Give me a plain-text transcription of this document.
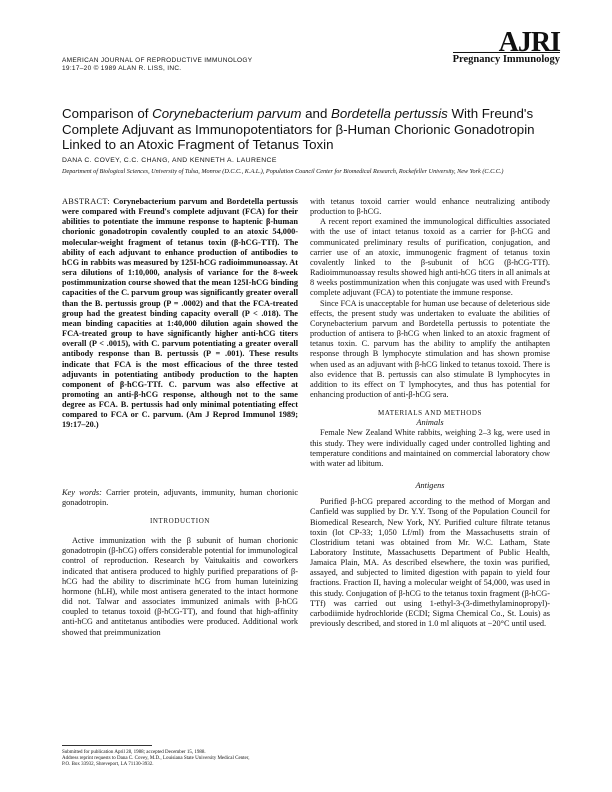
AMERICAN JOURNAL OF REPRODUCTIVE IMMUNOLOGY
19:17–20 © 1989 ALAN R. LISS, INC.
AJRI
Pregnancy Immunology
Comparison of Corynebacterium parvum and Bordetella pertussis With Freund's Complete Adjuvant as Immunopotentiators for β-Human Chorionic Gonadotropin Linked to an Atoxic Fragment of Tetanus Toxin
DANA C. COVEY, C.C. CHANG, AND KENNETH A. LAURENCE
Department of Biological Sciences, University of Tulsa, Monroe (D.C.C., K.A.L.), Population Council Center for Biomedical Research, Rockefeller University, New York (C.C.C.)
ABSTRACT: Corynebacterium parvum and Bordetella pertussis were compared with Freund's complete adjuvant (FCA) for their abilities to potentiate the immune response to haptenic β-human chorionic gonadotropin covalently coupled to an atoxic 54,000-molecular-weight fragment of tetanus toxin (β-hCG-TTf). The ability of each adjuvant to enhance production of antibodies to hCG in rabbits was measured by 125I-hCG radioimmunoassay. At sera dilutions of 1:10,000, analysis of variance for the 8-week postimmunization course showed that the mean 125I-hCG binding capacities of the C. parvum group was significantly greater overall than the B. pertussis group (P = .0002) and that the FCA-treated group had the greatest binding capacity overall (P < .018). The mean binding capacities at 1:40,000 dilution again showed the FCA-treated group to have significantly higher anti-hCG titers overall (P < .0015), with C. parvum potentiating a greater overall antibody response than B. pertussis (P = .001). These results indicate that FCA is the most efficacious of the three tested adjuvants in potentiating antibody production to the hapten component of β-hCG-TTf. C. parvum was also effective at promoting an anti-β-hCG response, although not to the same degree as FCA. B. pertussis had only minimal potentiating effect compared to FCA or C. parvum. (Am J Reprod Immunol 1989; 19:17–20.)
Key words: Carrier protein, adjuvants, immunity, human chorionic gonadotropin.
INTRODUCTION

Active immunization with the β subunit of human chorionic gonadotropin (β-hCG) offers considerable potential for immunological control of reproduction. Research by Vaitukaitis and coworkers indicated that antisera produced to highly purified preparations of β-hCG had the ability to discriminate hCG from human luteinizing hormone (hLH), while most antisera generated to the intact hormone did not. Talwar and associates immunized animals with β-hCG coupled to tetanus toxoid (β-hCG-TT), and found that high-affinity anti-hCG and antitetanus antibodies were produced. Additional work showed that preimmunization

Submitted for publication April 28, 1988; accepted December 15, 1988.
Address reprint requests to Dana C. Covey, M.D., Louisiana State University Medical Center, P.O. Box 33932, Shreveport, LA 71130-3932.

with tetanus toxoid carrier would enhance neutralizing antibody production to β-hCG.

A recent report examined the immunological difficulties associated with the use of intact tetanus toxoid as a carrier for β-hCG and communicated preliminary results of purification, conjugation, and carrier use of an atoxic, immunogenic fragment of tetanus toxin covalently linked to the β-subunit of hCG (β-hCG-TTf). Radioimmunoassay results showed high anti-hCG titers in all animals at 8 weeks postimmunization when this conjugate was used with Freund's complete adjuvant (FCA) to potentiate the immune response.

Since FCA is unacceptable for human use because of deleterious side effects, the present study was undertaken to evaluate the abilities of Corynebacterium parvum and Bordetella pertussis to potentiate the production of antisera to β-hCG when linked to an atoxic fragment of tetanus toxin. C. parvum has the ability to amplify the antihapten response through B lymphocyte stimulation and has shown promise when used as an adjuvant with β-hCG linked to tetanus toxoid. There is also evidence that B. pertussis can also stimulate B lymphocytes in addition to its effect on T lymphocytes, and thus has potential for enhancing production of anti-β-hCG sera.

MATERIALS AND METHODS
Animals

Female New Zealand White rabbits, weighing 2–3 kg, were used in this study. They were individually caged under controlled lighting and temperature conditions and maintained on commercial laboratory chow with water ad libitum.

Antigens

Purified β-hCG prepared according to the method of Morgan and Canfield was supplied by Dr. Y.Y. Tsong of the Population Council for Biomedical Research, New York, NY. Purified culture filtrate tetanus toxin (lot CP-33; 1,050 Lf/ml) from the Massachusetts strain of Clostridium tetani was obtained from Mr. W.C. Latham, State Laboratory Institute, Massachusetts Department of Public Health, Jamaica Plain, MA. As described elsewhere, the toxin was purified, assayed, and subjected to limited digestion with papain to yield four fractions. Fraction II, having a molecular weight of 54,000, was used in this study. Conjugation of β-hCG to the tetanus toxin fragment (β-hCG-TTf) was carried out using 1-ethyl-3-(3-dimethylaminopropyl)-carbodiimide hydrochloride (ECDI; Sigma Chemical Co., St. Louis) as previously described, and stored in 1.0 ml aliquots at −20°C until used.
